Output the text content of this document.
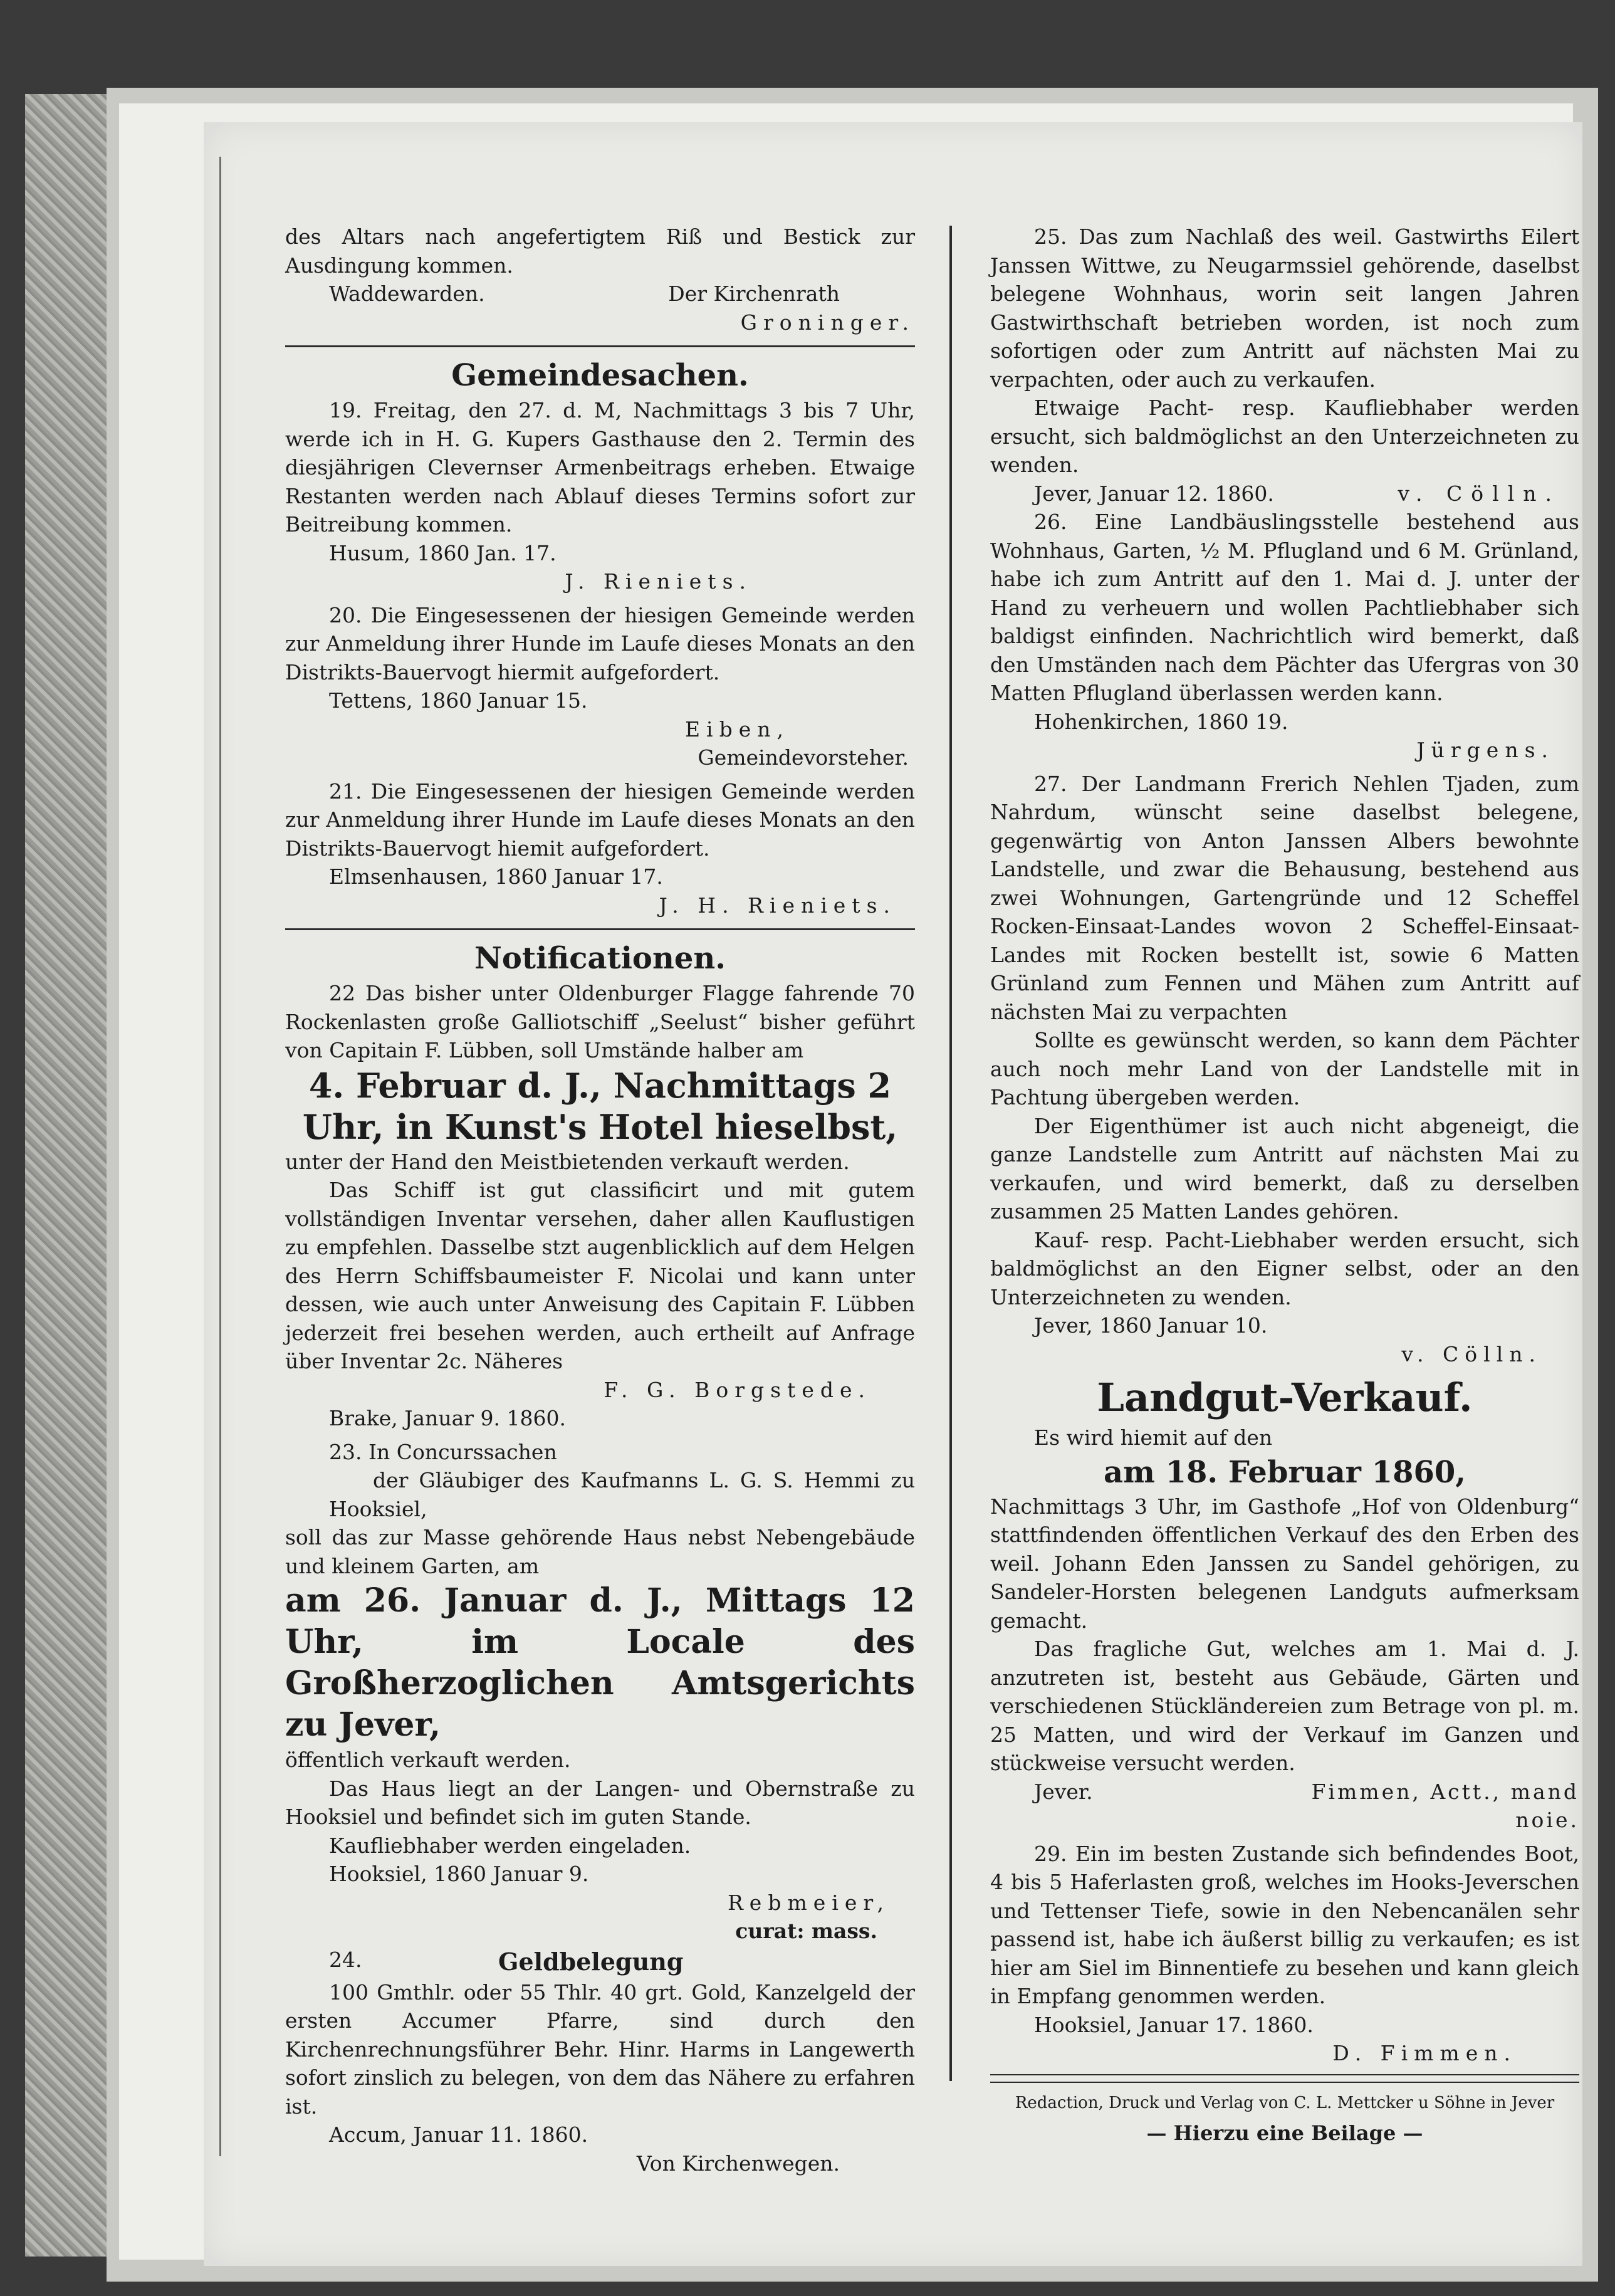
des Altars nach angefertigtem Riß und Bestick zur Ausdingung kommen.

Waddewarden.	Der Kirchenrath

Groninger.

Gemeindesachen.

19. Freitag, den 27. d. M, Nachmittags 3 bis 7 Uhr, werde ich in H. G. Kupers Gasthause den 2. Termin des diesjährigen Clevernser Armenbeitrags erheben. Etwaige Restanten werden nach Ablauf dieses Termins sofort zur Beitreibung kommen.

Husum, 1860 Jan. 17.

J. Rieniets.

20. Die Eingesessenen der hiesigen Gemeinde werden zur Anmeldung ihrer Hunde im Laufe dieses Monats an den Distrikts-Bauervogt hiermit aufgefordert.

Tettens, 1860 Januar 15.

Eiben,

Gemeindevorsteher.

21. Die Eingesessenen der hiesigen Gemeinde werden zur Anmeldung ihrer Hunde im Laufe dieses Monats an den Distrikts-Bauervogt hiemit aufgefordert.

Elmsenhausen, 1860 Januar 17.

J. H. Rieniets.

Notificationen.

22 Das bisher unter Oldenburger Flagge fahrende 70 Rockenlasten große Galliotschiff „Seelust“ bisher geführt von Capitain F. Lübben, soll Umstände halber am

4. Februar d. J., Nachmittags 2 Uhr, in Kunst's Hotel hieselbst,

unter der Hand den Meistbietenden verkauft werden.

Das Schiff ist gut classificirt und mit gutem vollständigen Inventar versehen, daher allen Kauflustigen zu empfehlen. Dasselbe stzt augenblicklich auf dem Helgen des Herrn Schiffsbaumeister F. Nicolai und kann unter dessen, wie auch unter Anweisung des Capitain F. Lübben jederzeit frei besehen werden, auch ertheilt auf Anfrage über Inventar 2c. Näheres

F. G. Borgstede.

Brake, Januar 9. 1860.

23. In Concurssachen

der Gläubiger des Kaufmanns L. G. S. Hemmi zu Hooksiel,

soll das zur Masse gehörende Haus nebst Nebengebäude und kleinem Garten, am

am 26. Januar d. J., Mittags 12 Uhr, im Locale des Großherzoglichen Amtsgerichts zu Jever,

öffentlich verkauft werden.

Das Haus liegt an der Langen- und Obernstraße zu Hooksiel und befindet sich im guten Stande.

Kaufliebhaber werden eingeladen.

Hooksiel, 1860 Januar 9.

Rebmeier,

curat: mass.

24.	Geldbelegung

100 Gmthlr. oder 55 Thlr. 40 grt. Gold, Kanzelgeld der ersten Accumer Pfarre, sind durch den Kirchenrechnungsführer Behr. Hinr. Harms in Langewerth sofort zinslich zu belegen, von dem das Nähere zu erfahren ist.

Accum, Januar 11. 1860.

Von Kirchenwegen.

25. Das zum Nachlaß des weil. Gastwirths Eilert Janssen Wittwe, zu Neugarmssiel gehörende, daselbst belegene Wohnhaus, worin seit langen Jahren Gastwirthschaft betrieben worden, ist noch zum sofortigen oder zum Antritt auf nächsten Mai zu verpachten, oder auch zu verkaufen.

Etwaige Pacht- resp. Kaufliebhaber werden ersucht, sich baldmöglichst an den Unterzeichneten zu wenden.

Jever, Januar 12. 1860.	v. Cölln.

26. Eine Landbäuslingsstelle bestehend aus Wohnhaus, Garten, ½ M. Pflugland und 6 M. Grünland, habe ich zum Antritt auf den 1. Mai d. J. unter der Hand zu verheuern und wollen Pachtliebhaber sich baldigst einfinden. Nachrichtlich wird bemerkt, daß den Umständen nach dem Pächter das Ufergras von 30 Matten Pflugland überlassen werden kann.

Hohenkirchen, 1860 19.

Jürgens.

27. Der Landmann Frerich Nehlen Tjaden, zum Nahrdum, wünscht seine daselbst belegene, gegenwärtig von Anton Janssen Albers bewohnte Landstelle, und zwar die Behausung, bestehend aus zwei Wohnungen, Gartengründe und 12 Scheffel Rocken-Einsaat-Landes wovon 2 Scheffel-Einsaat-Landes mit Rocken bestellt ist, sowie 6 Matten Grünland zum Fennen und Mähen zum Antritt auf nächsten Mai zu verpachten

Sollte es gewünscht werden, so kann dem Pächter auch noch mehr Land von der Landstelle mit in Pachtung übergeben werden.

Der Eigenthümer ist auch nicht abgeneigt, die ganze Landstelle zum Antritt auf nächsten Mai zu verkaufen, und wird bemerkt, daß zu derselben zusammen 25 Matten Landes gehören.

Kauf- resp. Pacht-Liebhaber werden ersucht, sich baldmöglichst an den Eigner selbst, oder an den Unterzeichneten zu wenden.

Jever, 1860 Januar 10.

v. Cölln.

Landgut-Verkauf.

Es wird hiemit auf den

am 18. Februar 1860,

Nachmittags 3 Uhr, im Gasthofe „Hof von Oldenburg“ stattfindenden öffentlichen Verkauf des den Erben des weil. Johann Eden Janssen zu Sandel gehörigen, zu Sandeler-Horsten belegenen Landguts aufmerksam gemacht.

Das fragliche Gut, welches am 1. Mai d. J. anzutreten ist, besteht aus Gebäude, Gärten und verschiedenen Stückländereien zum Betrage von pl. m. 25 Matten, und wird der Verkauf im Ganzen und stückweise versucht werden.

Jever.	Fimmen, Actt., mand noie.

29. Ein im besten Zustande sich befindendes Boot, 4 bis 5 Haferlasten groß, welches im Hooks-Jeverschen und Tettenser Tiefe, sowie in den Nebencanälen sehr passend ist, habe ich äußerst billig zu verkaufen; es ist hier am Siel im Binnentiefe zu besehen und kann gleich in Empfang genommen werden.

Hooksiel, Januar 17. 1860.

D. Fimmen.

Redaction, Druck und Verlag von C. L. Mettcker u Söhne in Jever
— Hierzu eine Beilage —
